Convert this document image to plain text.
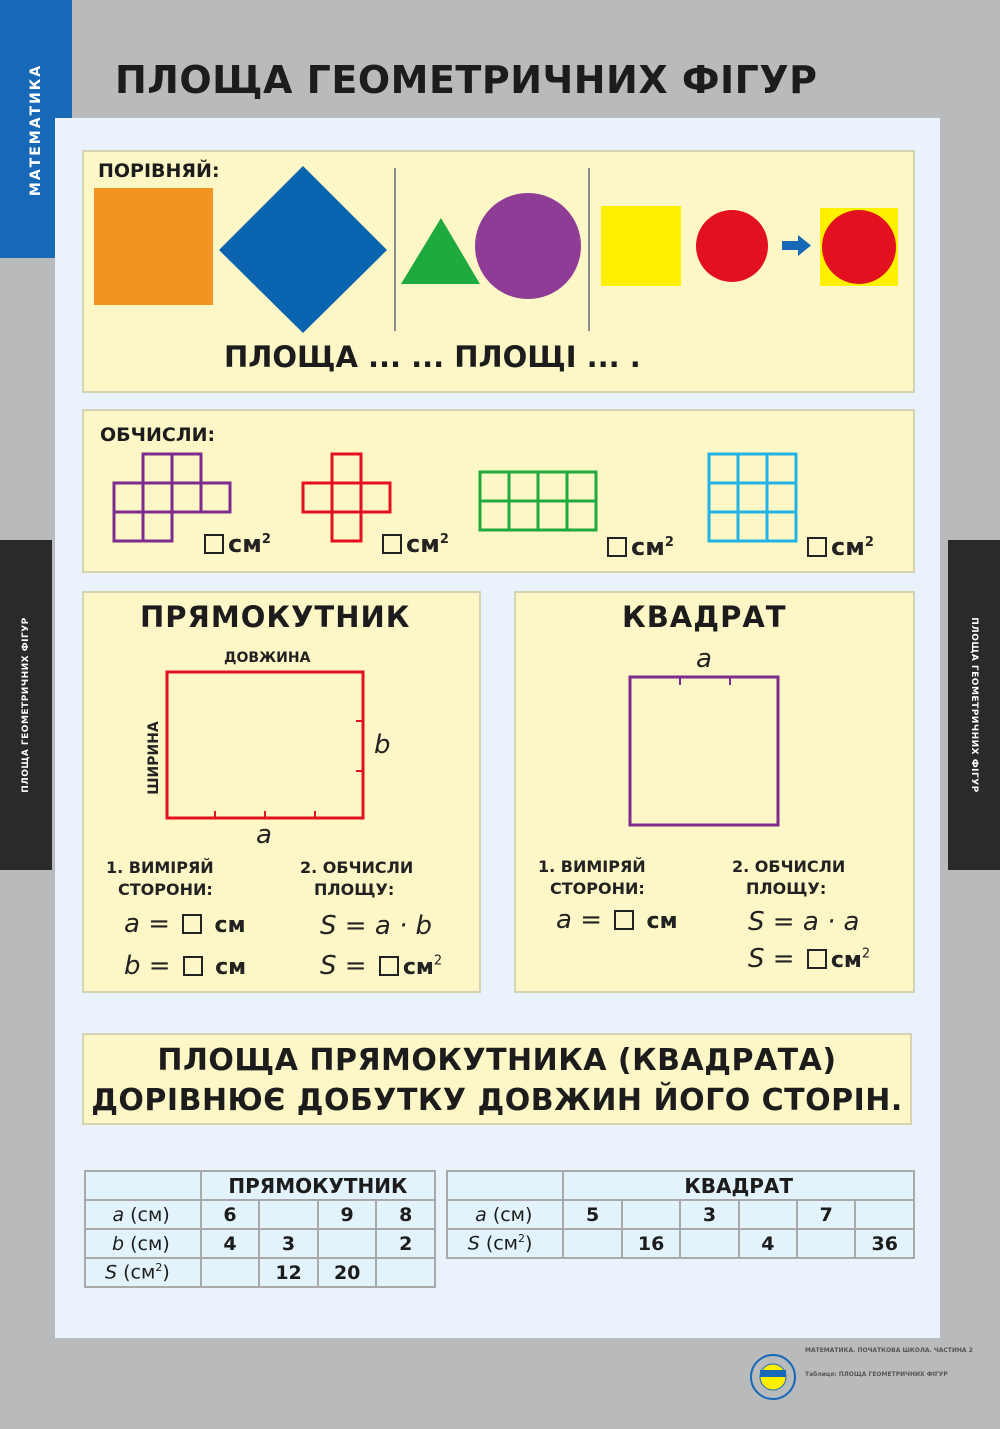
МАТЕМАТИКА
ПЛОЩА ГЕОМЕТРИЧНИХ ФІГУР	ПЛОЩА ГЕОМЕТРИЧНИХ ФІГУР
ПЛОЩА ГЕОМЕТРИЧНИХ ФІГУР
ПОРІВНЯЙ:
ПЛОЩА ... ... ПЛОЩІ ... .
ОБЧИСЛИ:
$см^2$	$см^2$	$см^2$	$см^2$
ПРЯМОКУТНИК
ДОВЖИНА
ШИРИНА	b
a
1. ВИМІРЯЙ
СТОРОНИ:
2. ОБЧИСЛИ
ПЛОЩУ:
a =  см
b =  см
S = a · b
$S = см^2$
КВАДРАТ
a
1. ВИМІРЯЙ
СТОРОНИ:
2. ОБЧИСЛИ
ПЛОЩУ:
a =  см	S = a · a
$S = см^2$
ПЛОЩА ПРЯМОКУТНИКА (КВАДРАТА)
ДОРІВНЮЄ ДОБУТКУ ДОВЖИН ЙОГО СТОРІН.
	ПРЯМОКУТНИК			
a (см)	6		9	8
b (см)	4	3		2
S $(см^2)$		12	20	
	КВАДРАТ					
a (см)	5		3		7	
S $(см^2)$		16		4		36
МАТЕМАТИКА. ПОЧАТКОВА ШКОЛА. ЧАСТИНА 2
Таблиця: ПЛОЩА ГЕОМЕТРИЧНИХ ФІГУР
